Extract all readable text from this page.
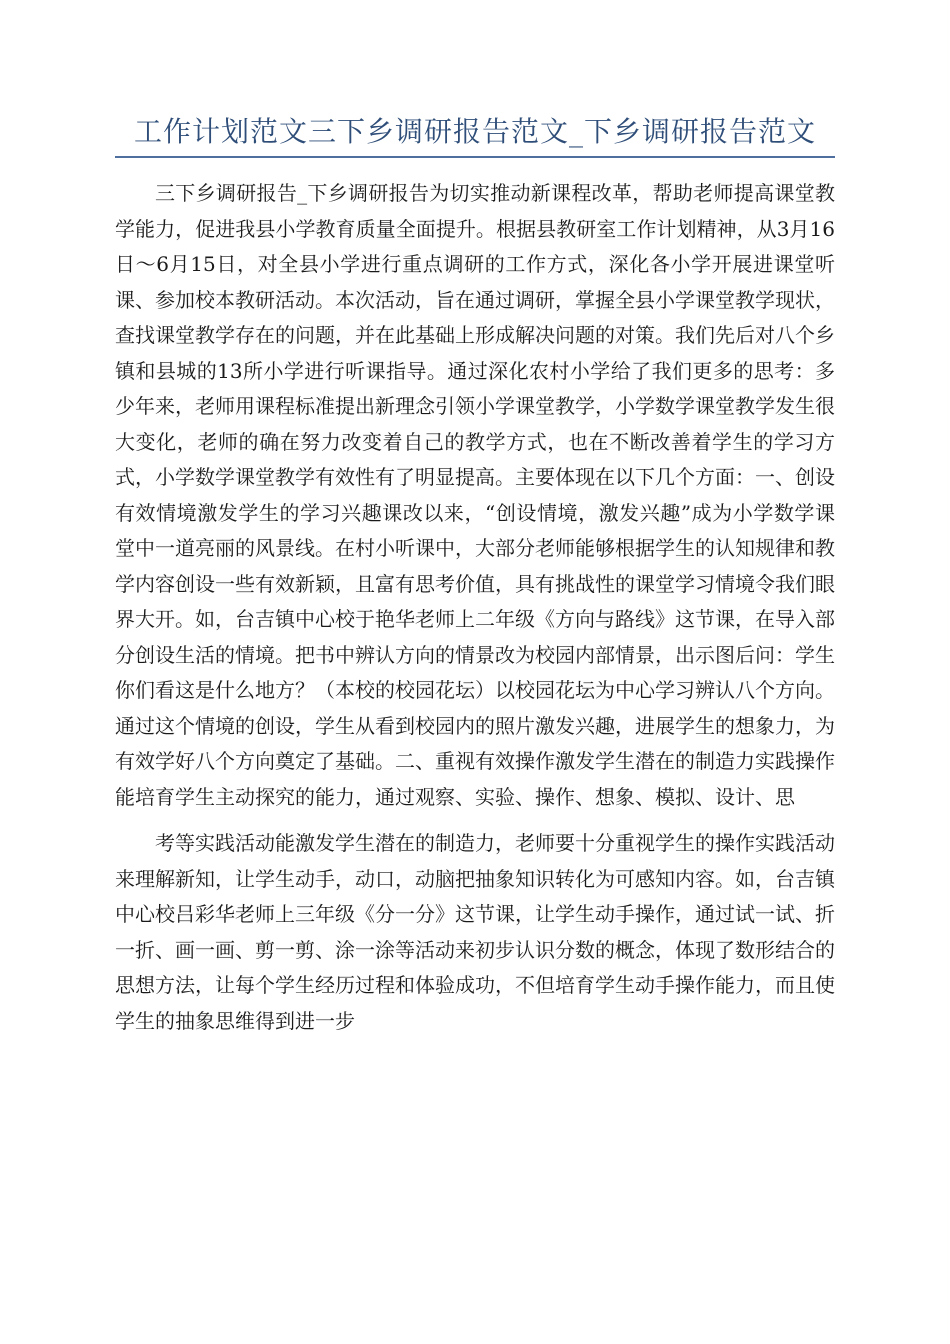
工作计划范文三下乡调研报告范文_下乡调研报告范文

三下乡调研报告_下乡调研报告为切实推动新课程改革，帮助老师提高课堂教学能力，促进我县小学教育质量全面提升。根据县教研室工作计划精神，从3月16日～6月15日，对全县小学进行重点调研的工作方式，深化各小学开展进课堂听课、参加校本教研活动。本次活动，旨在通过调研，掌握全县小学课堂教学现状，查找课堂教学存在的问题，并在此基础上形成解决问题的对策。我们先后对八个乡镇和县城的13所小学进行听课指导。通过深化农村小学给了我们更多的思考：多少年来，老师用课程标准提出新理念引领小学课堂教学，小学数学课堂教学发生很大变化，老师的确在努力改变着自己的教学方式，也在不断改善着学生的学习方式，小学数学课堂教学有效性有了明显提高。主要体现在以下几个方面：一、创设有效情境激发学生的学习兴趣课改以来，“创设情境，激发兴趣”成为小学数学课堂中一道亮丽的风景线。在村小听课中，大部分老师能够根据学生的认知规律和教学内容创设一些有效新颖，且富有思考价值，具有挑战性的课堂学习情境令我们眼界大开。如，台吉镇中心校于艳华老师上二年级《方向与路线》这节课，在导入部分创设生活的情境。把书中辨认方向的情景改为校园内部情景，出示图后问：学生你们看这是什么地方？（本校的校园花坛）以校园花坛为中心学习辨认八个方向。通过这个情境的创设，学生从看到校园内的照片激发兴趣，进展学生的想象力，为有效学好八个方向奠定了基础。二、重视有效操作激发学生潜在的制造力实践操作能培育学生主动探究的能力，通过观察、实验、操作、想象、模拟、设计、思

考等实践活动能激发学生潜在的制造力，老师要十分重视学生的操作实践活动来理解新知，让学生动手，动口，动脑把抽象知识转化为可感知内容。如，台吉镇中心校吕彩华老师上三年级《分一分》这节课，让学生动手操作，通过试一试、折一折、画一画、剪一剪、涂一涂等活动来初步认识分数的概念，体现了数形结合的思想方法，让每个学生经历过程和体验成功，不但培育学生动手操作能力，而且使学生的抽象思维得到进一步
